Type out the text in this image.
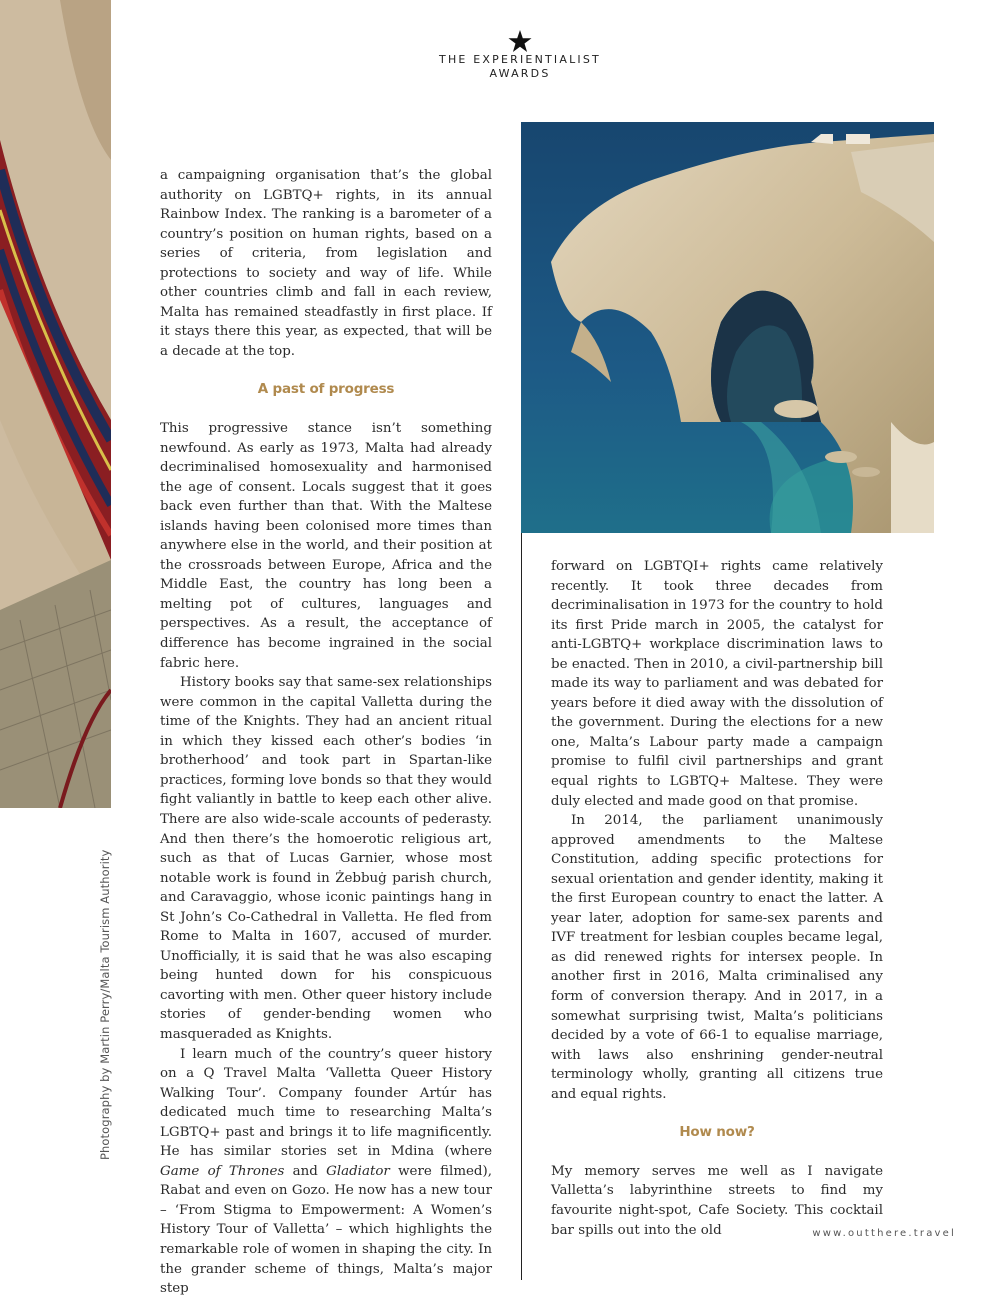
Photography by Martin Perry/Malta Tourism Authority
THE EXPERIENTIALIST
AWARDS

a campaigning organisation that’s the global authority on LGBTQ+ rights, in its annual Rainbow Index. The ranking is a barometer of a country’s position on human rights, based on a series of criteria, from legislation and protections to society and way of life. While other countries climb and fall in each review, Malta has remained steadfastly in first place. If it stays there this year, as expected, that will be a decade at the top.

A past of progress

This progressive stance isn’t something newfound. As early as 1973, Malta had already decriminalised homosexuality and harmonised the age of consent. Locals suggest that it goes back even further than that. With the Maltese islands having been colonised more times than anywhere else in the world, and their position at the crossroads between Europe, Africa and the Middle East, the country has long been a melting pot of cultures, languages and perspectives. As a result, the acceptance of difference has become ingrained in the social fabric here.

History books say that same-sex relationships were common in the capital Valletta during the time of the Knights. They had an ancient ritual in which they kissed each other’s bodies ‘in brotherhood’ and took part in Spartan-like practices, forming love bonds so that they would fight valiantly in battle to keep each other alive. There are also wide-scale accounts of pederasty. And then there’s the homoerotic religious art, such as that of Lucas Garnier, whose most notable work is found in Żebbuġ parish church, and Caravaggio, whose iconic paintings hang in St John’s Co-Cathedral in Valletta. He fled from Rome to Malta in 1607, accused of murder. Unofficially, it is said that he was also escaping being hunted down for his conspicuous cavorting with men. Other queer history include stories of gender-bending women who masqueraded as Knights.

I learn much of the country’s queer history on a Q Travel Malta ‘Valletta Queer History Walking Tour’. Company founder Artúr has dedicated much time to researching Malta’s LGBTQ+ past and brings it to life magnificently. He has similar stories set in Mdina (where Game of Thrones and Gladiator were filmed), Rabat and even on Gozo. He now has a new tour – ‘From Stigma to Empowerment: A Women’s History Tour of Valletta’ – which highlights the remarkable role of women in shaping the city. In the grander scheme of things, Malta’s major step

forward on LGBTQI+ rights came relatively recently. It took three decades from decriminalisation in 1973 for the country to hold its first Pride march in 2005, the catalyst for anti-LGBTQ+ workplace discrimination laws to be enacted. Then in 2010, a civil-partnership bill made its way to parliament and was debated for years before it died away with the dissolution of the government. During the elections for a new one, Malta’s Labour party made a campaign promise to fulfil civil partnerships and grant equal rights to LGBTQ+ Maltese. They were duly elected and made good on that promise.

In 2014, the parliament unanimously approved amendments to the Maltese Constitution, adding specific protections for sexual orientation and gender identity, making it the first European country to enact the latter. A year later, adoption for same-sex parents and IVF treatment for lesbian couples became legal, as did renewed rights for intersex people. In another first in 2016, Malta criminalised any form of conversion therapy. And in 2017, in a somewhat surprising twist, Malta’s politicians decided by a vote of 66-1 to equalise marriage, with laws also enshrining gender-neutral terminology wholly, granting all citizens true and equal rights.

How now?

My memory serves me well as I navigate Valletta’s labyrinthine streets to find my favourite night-spot, Cafe Society. This cocktail bar spills out into the old	www.outthere.travel
